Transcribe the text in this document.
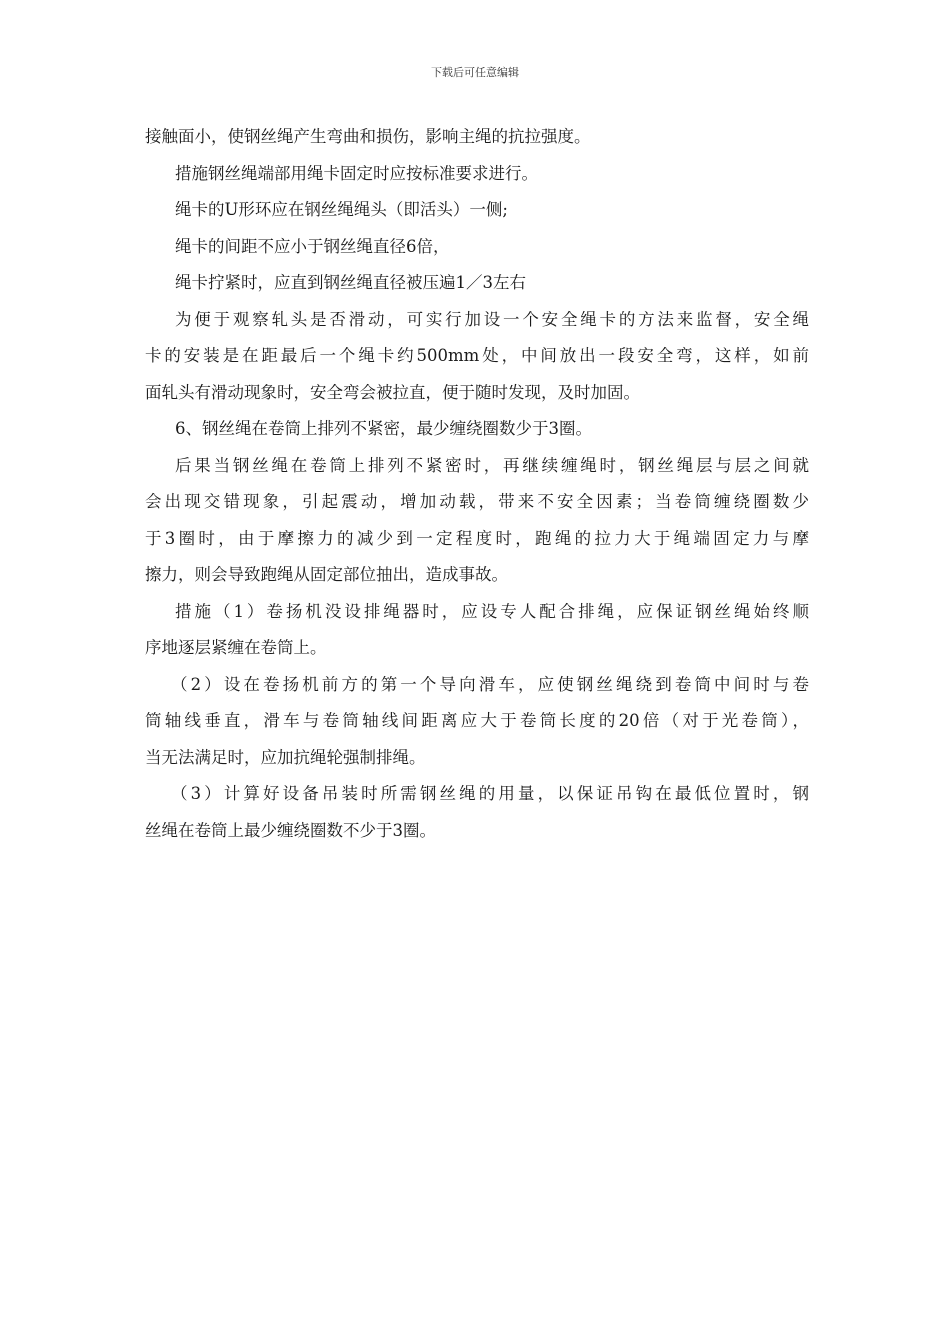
下载后可任意编辑
接触面小，使钢丝绳产生弯曲和损伤，影响主绳的抗拉强度。
措施钢丝绳端部用绳卡固定时应按标准要求进行。
绳卡的U形环应在钢丝绳绳头（即活头）一侧;
绳卡的间距不应小于钢丝绳直径6倍，
绳卡拧紧时，应直到钢丝绳直径被压遍1／3左右
为便于观察轧头是否滑动，可实行加设一个安全绳卡的方法来监督，安全绳
卡的安装是在距最后一个绳卡约500mm处，中间放出一段安全弯，这样，如前
面轧头有滑动现象时，安全弯会被拉直，便于随时发现，及时加固。
6、钢丝绳在卷筒上排列不紧密，最少缠绕圈数少于3圈。
后果当钢丝绳在卷筒上排列不紧密时，再继续缠绳时，钢丝绳层与层之间就
会出现交错现象，引起震动，增加动载，带来不安全因素；当卷筒缠绕圈数少
于3圈时，由于摩擦力的减少到一定程度时，跑绳的拉力大于绳端固定力与摩
擦力，则会导致跑绳从固定部位抽出，造成事故。
措施（1）卷扬机没设排绳器时，应设专人配合排绳，应保证钢丝绳始终顺
序地逐层紧缠在卷筒上。
（2）设在卷扬机前方的第一个导向滑车，应使钢丝绳绕到卷筒中间时与卷
筒轴线垂直，滑车与卷筒轴线间距离应大于卷筒长度的20倍（对于光卷筒），
当无法满足时，应加抗绳轮强制排绳。
（3）计算好设备吊装时所需钢丝绳的用量，以保证吊钩在最低位置时，钢
丝绳在卷筒上最少缠绕圈数不少于3圈。
